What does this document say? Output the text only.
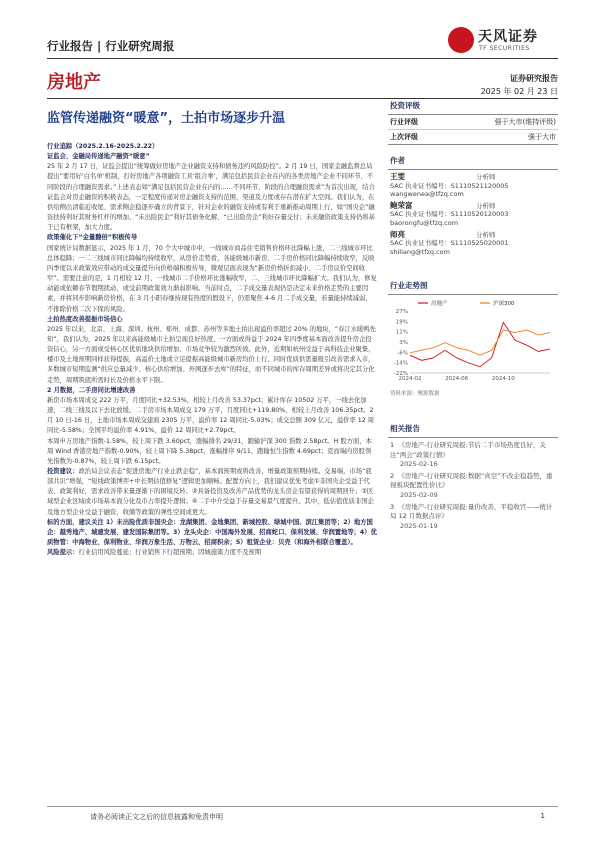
行业报告 | 行业研究周报
天风证券
TF SECURITIES
房地产	证券研究报告
2025 年 02 月 23 日
监管传递融资“暖意”，土拍市场逐步升温
行业追踪（2025.2.16-2025.2.22）
证监会、金融局传递地产融资“暖意”

25 年 2 月 17 日，证监会提出“统筹做好房地产企业融资支持和债务违约风险防控”。2 月 19 日，国家金融监督总局提出“要用好‘白名单’机制，打好房地产各项融资工具‘组合拳’，满足包括民营企业在内的各类房地产企业不同环节、不同阶段的合理融资需求。”上述表态如“满足包括民营企业在内的……不同环节、阶段的合理融资需求”为首次出现，结合证监会对房企融资的积极表态，一定程度传递对房企融资支持的范围、渠道及力度或存在潜在扩大空间。我们认为，在供给侧出清临近收尾、需求侧企稳逐步确立的背景下，针对企业的融资支持或有利于重新推动周期上行，如“国央企”融资扶持利好其财务杠杆的增加、“未出险民企”利好其债务化解、“已出险房企”利好存量交付；未来融资政策支持仍将基于已有框架，加大力度。

政策催化下“金量翻倍”积极传导

国家统计局数据显示，2025 年 1 月，70 个大中城市中，一线城市商品住宅销售价格环比降幅上涨，二三线城市环比总体稳降；一二三线城市同比降幅均持续收窄，从房价走势看，各能级城市新房、二手房价格同比降幅持续收窄，反映四季度以来政策效应带动的成交量提升向价格端积极传导，微观层面表现为“新房价格折扣减小、二手房议价空间收窄”。需要注意的是，1 月相较 12 月，一线城市二手价格环比涨幅收窄，二、三线城市环比降幅扩大。我们认为，修复动能或依赖春节假期扰动，或受前期政策效力渐弱影响。当前时点，二手成交量表现仍是决定未来价格走势的主要因素，并将同步影响新房价格，在 3 月小阳春继持现有热度的假设下，仍需聚焦 4-6 月二手成交量，若量能持续减弱，不排除价格二次下探的风险。

土拍热度改善提振市场信心

2025 年以来，北京、上海、深圳、杭州、郑州、成都、苏州等多地土拍出现溢价率超过 20% 的地块，“春江水暖鸭先知”，我们认为，2025 年以来高能级城市土拍呈现良好热度，一方面或得益于 2024 年四季度基本面改善提升房企投资信心，另一方面或受核心区优质地块供给增加、市场竞争较为激烈所致。此外，近期如杭州受益于高科技企业聚集，楼市及土地预期同样获得提振，高溢价土地或立足提振高能级城市新房均价上行，同时优质供需量吸引改善需求入市，多数城市短期监测“供应总量减少、核心供给增加、外围逐步去库”的特征，而不同城市的库存周期差异或将决定其分化走势，周期筑底所需时长及价格水平下限。

2 月数据，二手房同比增速改善

新房市场本周成交 222 万平，月度同比+32.53%，相较上月改善 53.37pct；累计库存 10502 万平，一线去化加速，二线三线及以下去化放缓。二手房市场本周成交 179 万平，月度同比+119.80%，相较上月改善 106.35pct。2 月 10 日-16 日，土地市场本周成交建面 2305 万平，溢价率 12 周同比-5.03%；成交总额 309 亿元，溢价率 12 周同比-5.58%；全国平均溢价率 4.91%，溢价 12 周同比+2.79pct。

本周申万房地产指数-1.58%，较上周下跌 3.60pct，涨幅排名 29/31，跑输沪深 300 指数 2.58pct。H 股方面，本周 Wind 香港房地产指数-0.90%，较上周下降 5.38pct，涨幅排序 9/11，跑输恒生指数 4.69pct；克而瑞内房股领先指数为-0.87%，较上周下跌 6.15pct。

投资建议：政治局会议表态“促进房地产行业止跌企稳”，基本面预期或将改善，增量政策预期持续。交易端，市场“底部共识”增强，“短线政策博弈+中长期估值修复”逻辑更加顺畅。配置方向上，我们建议优先考虑①非国央企受益于代表、政策利好，需求改善带来量逐渐下的困境反转；②具备投资及改善产品优势的龙头房企有望获得的周期回升；③区域型企业区域或市场基本面分化及市占率提升逻辑；④二手中介受益于存量交易景气度提升。其中，低估值优质非国企及地方型企业受益于融资、收储等政策的弹性空间或更大。

标的方面，建议关注 1）未出险优质非国央企：龙湖集团、金地集团、新城控股、绿城中国、滨江集团等；2）地方国企：越秀地产、城建发展、建发国际集团等。3）龙头央企：中国海外发展、招商蛇口、保利发展、华润置地等；4）优质物管：中海物业、保利物业、华润万象生活、万物云、招商积余；5）租赁企业：贝壳（和海外相联合覆盖）。

风险提示：行业信用风险蔓延；行业销售下行超预期；因城施策力度不及预期

投资评级
行业评级	强于大市(维持评级)
上次评级	强于大市
作者
王雯	分析师
SAC 执业证书编号：S1110521120005
wangwenea@tfzq.com
鲍荣富	分析师
SAC 执业证书编号：S1110520120003
baorongfu@tfzq.com
师亮	分析师
SAC 执业证书编号：S1110525020001
shiliang@tfzq.com
行业走势图
27%
19%
11%
3%
-6%
-14%
-22%
2024-02	2024-06	2024-10
房地产	沪深300
资料来源：聚源数据
相关报告
1 《房地产-行业研究周报:节后二手市场热度良好，关注“两会”政策行情》
2025-02-16
2 《房地产-行业研究周报:数据“真空”不改企稳趋势，重视板块配置性价比》
2025-02-09
3 《房地产-行业研究周报:量价改善，平稳收官——统计局 12 月数据点评》
2025-01-19
请务必阅读正文之后的信息披露和免责申明	1
